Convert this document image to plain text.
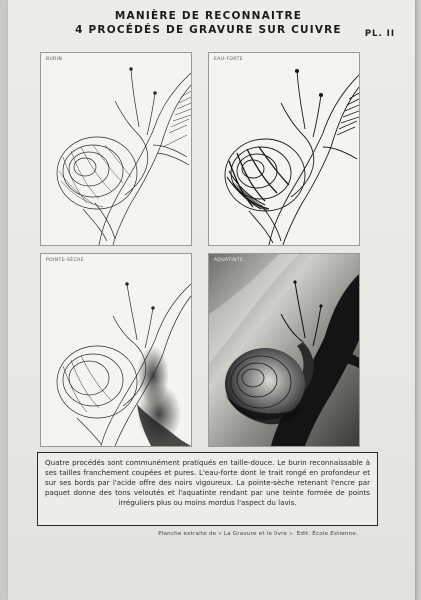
MANIÈRE DE RECONNAITRE
4 PROCÉDÉS DE GRAVURE SUR CUIVRE	PL. II
BURIN	EAU-FORTE
POINTE-SÈCHE	AQUATINTE
Quatre procédés sont communément pratiqués en taille-douce. Le burin reconnaissable à ses tailles franchement coupées et pures. L'eau-forte dont le trait rongé en profondeur et sur ses bords par l'acide offre des noirs vigoureux. La pointe-sèche retenant l'encre par paquet donne des tons veloutés et l'aquatinte rendant par une teinte formée de points irréguliers plus ou moins mordus l'aspect du lavis.
Planche extraite de « La Gravure et le livre ». Edit. École Estienne.
